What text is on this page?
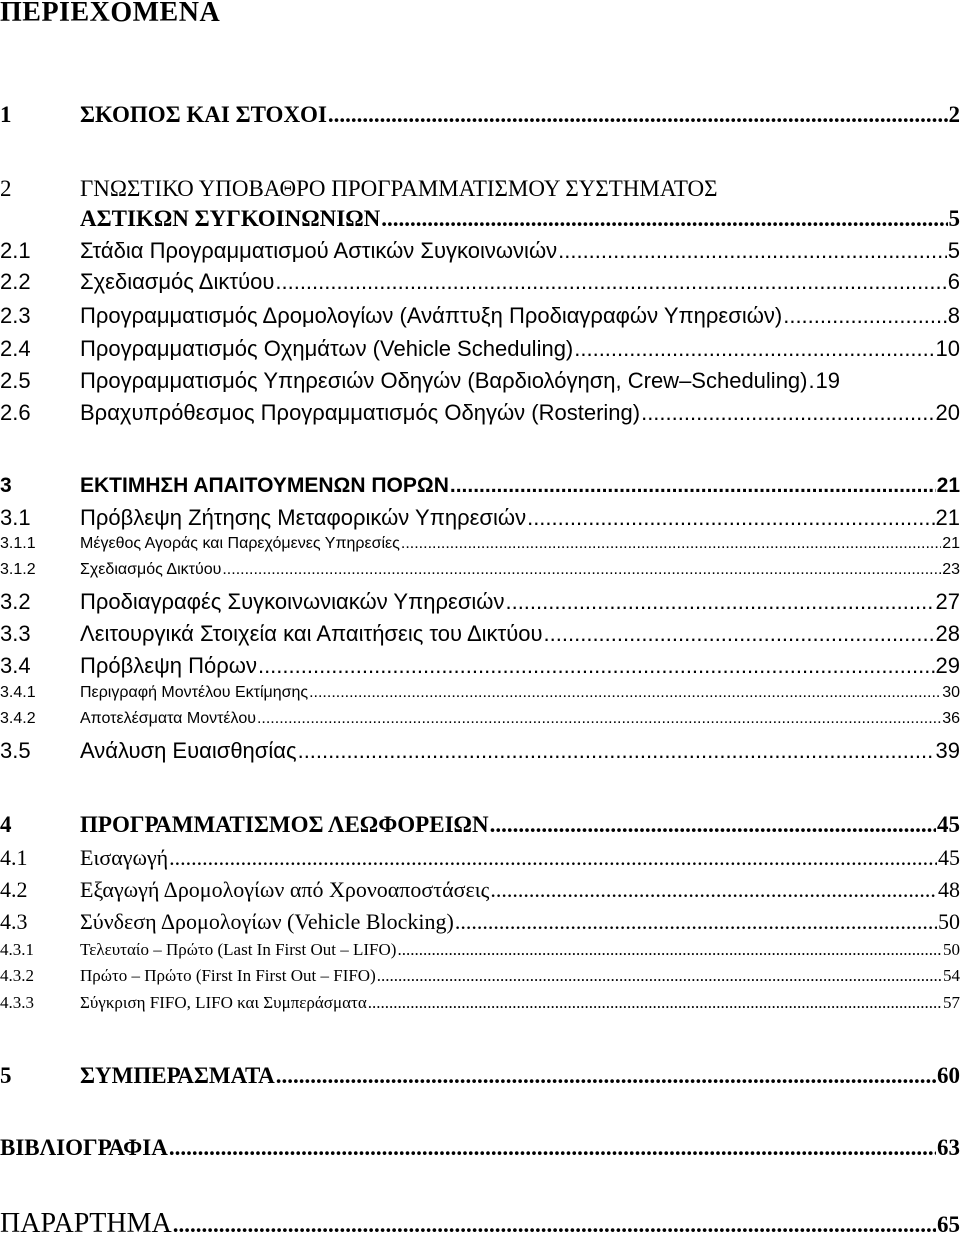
ΠΕΡΙΕΧΟΜΕΝΑ
1	ΣΚΟΠΟΣ ΚΑΙ ΣΤΟΧΟΙ .....	2
2	ΓΝΩΣΤΙΚΟ ΥΠΟΒΑΘΡΟ ΠΡΟΓΡΑΜΜΑΤΙΣΜΟΥ ΣΥΣΤΗΜΑΤΟΣ
ΑΣΤΙΚΩΝ ΣΥΓΚΟΙΝΩΝΙΩΝ .....	5
2.1	Στάδια Προγραμματισμού Αστικών Συγκοινωνιών .....	5
2.2	Σχεδιασμός Δικτύου .....	6
2.3	Προγραμματισμός Δρομολογίων (Ανάπτυξη Προδιαγραφών Υπηρεσιών) .....	8
2.4	Προγραμματισμός Οχημάτων (Vehicle Scheduling) .....	10
2.5	Προγραμματισμός Υπηρεσιών Οδηγών (Βαρδιολόγηση, Crew–Scheduling) ..... 19
2.6	Βραχυπρόθεσμος Προγραμματισμός Οδηγών (Rostering) .....	20
3	ΕΚΤΙΜΗΣΗ ΑΠΑΙΤΟΥΜΕΝΩΝ ΠΟΡΩΝ .....	21
3.1	Πρόβλεψη Ζήτησης Μεταφορικών Υπηρεσιών .....	21
3.1.1	Μέγεθος Αγοράς και Παρεχόμενες Υπηρεσίες .....	21
3.1.2	Σχεδιασμός Δικτύου .....	23
3.2	Προδιαγραφές Συγκοινωνιακών Υπηρεσιών .....	27
3.3	Λειτουργικά Στοιχεία και Απαιτήσεις του Δικτύου .....	28
3.4	Πρόβλεψη Πόρων .....	29
3.4.1	Περιγραφή Μοντέλου Εκτίμησης .....	30
3.4.2	Αποτελέσματα Μοντέλου .....	36
3.5	Ανάλυση Ευαισθησίας .....	39
4	ΠΡΟΓΡΑΜΜΑΤΙΣΜΟΣ ΛΕΩΦΟΡΕΙΩΝ .....	45
4.1	Εισαγωγή .....	45
4.2	Εξαγωγή Δρομολογίων από Χρονοαποστάσεις .....	48
4.3	Σύνδεση Δρομολογίων (Vehicle Blocking) .....	50
4.3.1	Τελευταίο – Πρώτο (Last In First Out – LIFO) .....	50
4.3.2	Πρώτο – Πρώτο (First In First Out – FIFO) .....	54
4.3.3	Σύγκριση FIFO, LIFO και Συμπεράσματα .....	57
5	ΣΥΜΠΕΡΑΣΜΑΤΑ .....	60
ΒΙΒΛΙΟΓΡΑΦΙΑ .....	63
ΠΑΡΑΡΤΗΜΑ .....	65
